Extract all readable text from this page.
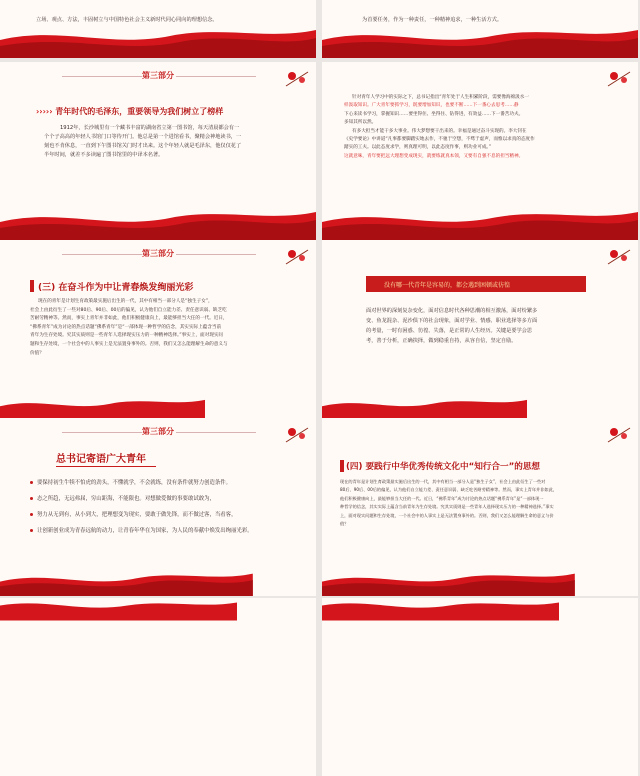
立场、观点、方法，丰固树立与中国特色社会主义新时代同心同向的理想信念。	为首要任务，作为一种责任，一种精神追求，一种生活方式。
第三部分
››››› 青年时代的毛泽东，重要领导为我们树立了榜样
1912年，长沙城里有一个藏书丰富的湖南省立第一图书馆，每天清晨都会有一
个个子高高的年轻人书馆门口等待开门。他总是第一个进馆看书，聚精会神地读书，一
刻也不肯休息，一直到下午图书馆关门时才出来。这个年轻人就是毛泽东，他仅仅花了
半年时间，就差不多读遍了图书馆里的中译本名著。
针对青年人学习中的实际之下，总书记指出“青年处于人生积累阶段，需要像海绵汲水一
样汲取知识。广大青年要抓学习，既要增加知识，也要不断……下一番心去思考……静
下心来读书学习，掌握知识……要坐得住、坐得住、钻得进，有效益……下一番苦功夫。
多知其所以然。
有多大担当才能干多大事业。伟大梦想要干出来的。幸福是通过奋斗实现的。李大钊在
《史学要论》中讲道“凡事都要脚踏实地去作，不驰于空想，不骛于虚声，而惟以求真的态度作
踏实的工夫。以此态度求学，则真理可明，以此态度作事，则功业可成。”
这就意味，青年要把远大理想变成现实，就要练就真本领，又要有自强不息的担当精神。
第三部分
(三) 在奋斗作为中让青春焕发绚丽光彩
现在的青年是计划生育政策最实施后出生的一代，其中有相当一部分人是“独生子女”，
社会上由此衍生了一些对80后、90后、00后的偏见，认为他们自立能力差、责任意识弱、缺乏吃
苦耐劳精神等。然而，事实上青年并非如此，他们积极健康向上，最能够担当大任的一代。近日，
“佛系青年”成为讨论的热点话题“佛系青年”是“一部体现一种哲学的信念，其实实际上蕴含当前
青年为生存处境。究其实质则是一些青年人选择现实压力的一种精神选择。”事实上，面对现实问
题和生存处境，一个社会中的人事实上是无法置身事外的。否则，我们又怎么能理解生命的意义与
价值？
没有哪一代青年是容易的，都会遇到困顿或彷徨
面对世界的深刻复杂变化，面对信息时代各种思潮的相互激荡，面对纷繁多
变、鱼龙混杂、泥沙俱下的社会现象，面对学业、情感、职业选择等多方面
的考量，一时有困惑、彷徨、失落，是正常的人生经历。关键是要学会思
考，善于分析，正确抉择，做到稳重自持，从容自信，坚定自励。
第三部分
总书记寄语广大青年
要保持初生牛犊不怕虎的劲头，不懂就学，不会就练，没有条件就努力创造条件。
态之所趋，无远弗届，穷山距海，不能限也。对想做爱做的事要敢试敢为，
努力从无到有，从小到大，把理想变为现实，要敢于做先锋，而不做过客，当看客，
让创新创业成为青春远航的动力，让青春年华在为国家，为人民的奉献中焕发出绚丽光彩。
(四) 要践行中华优秀传统文化中“知行合一”的思想
现在的青年是计划生育政策最实施后出生的一代，其中有相当一部分人是“独生子女”，社会上由此衍生了一些对
80后、90后、00后的偏见，认为他们自立能力差、责任意识弱、缺乏吃苦耐劳精神等。然而，事实上青年并非如此，
他们积极健康向上，最能够担当大任的一代。近日，“佛系青年”成为讨论的热点话题“佛系青年”是“一部体现一
种哲学的信念，其实实际上蕴含当前青年为生存处境。究其实质则是一些青年人选择现实压力的一种精神选择。”事实
上，面对现实问题和生存处境，一个社会中的人事实上是无法置身事外的。否则，我们又怎么能理解生命的意义与价
值？
